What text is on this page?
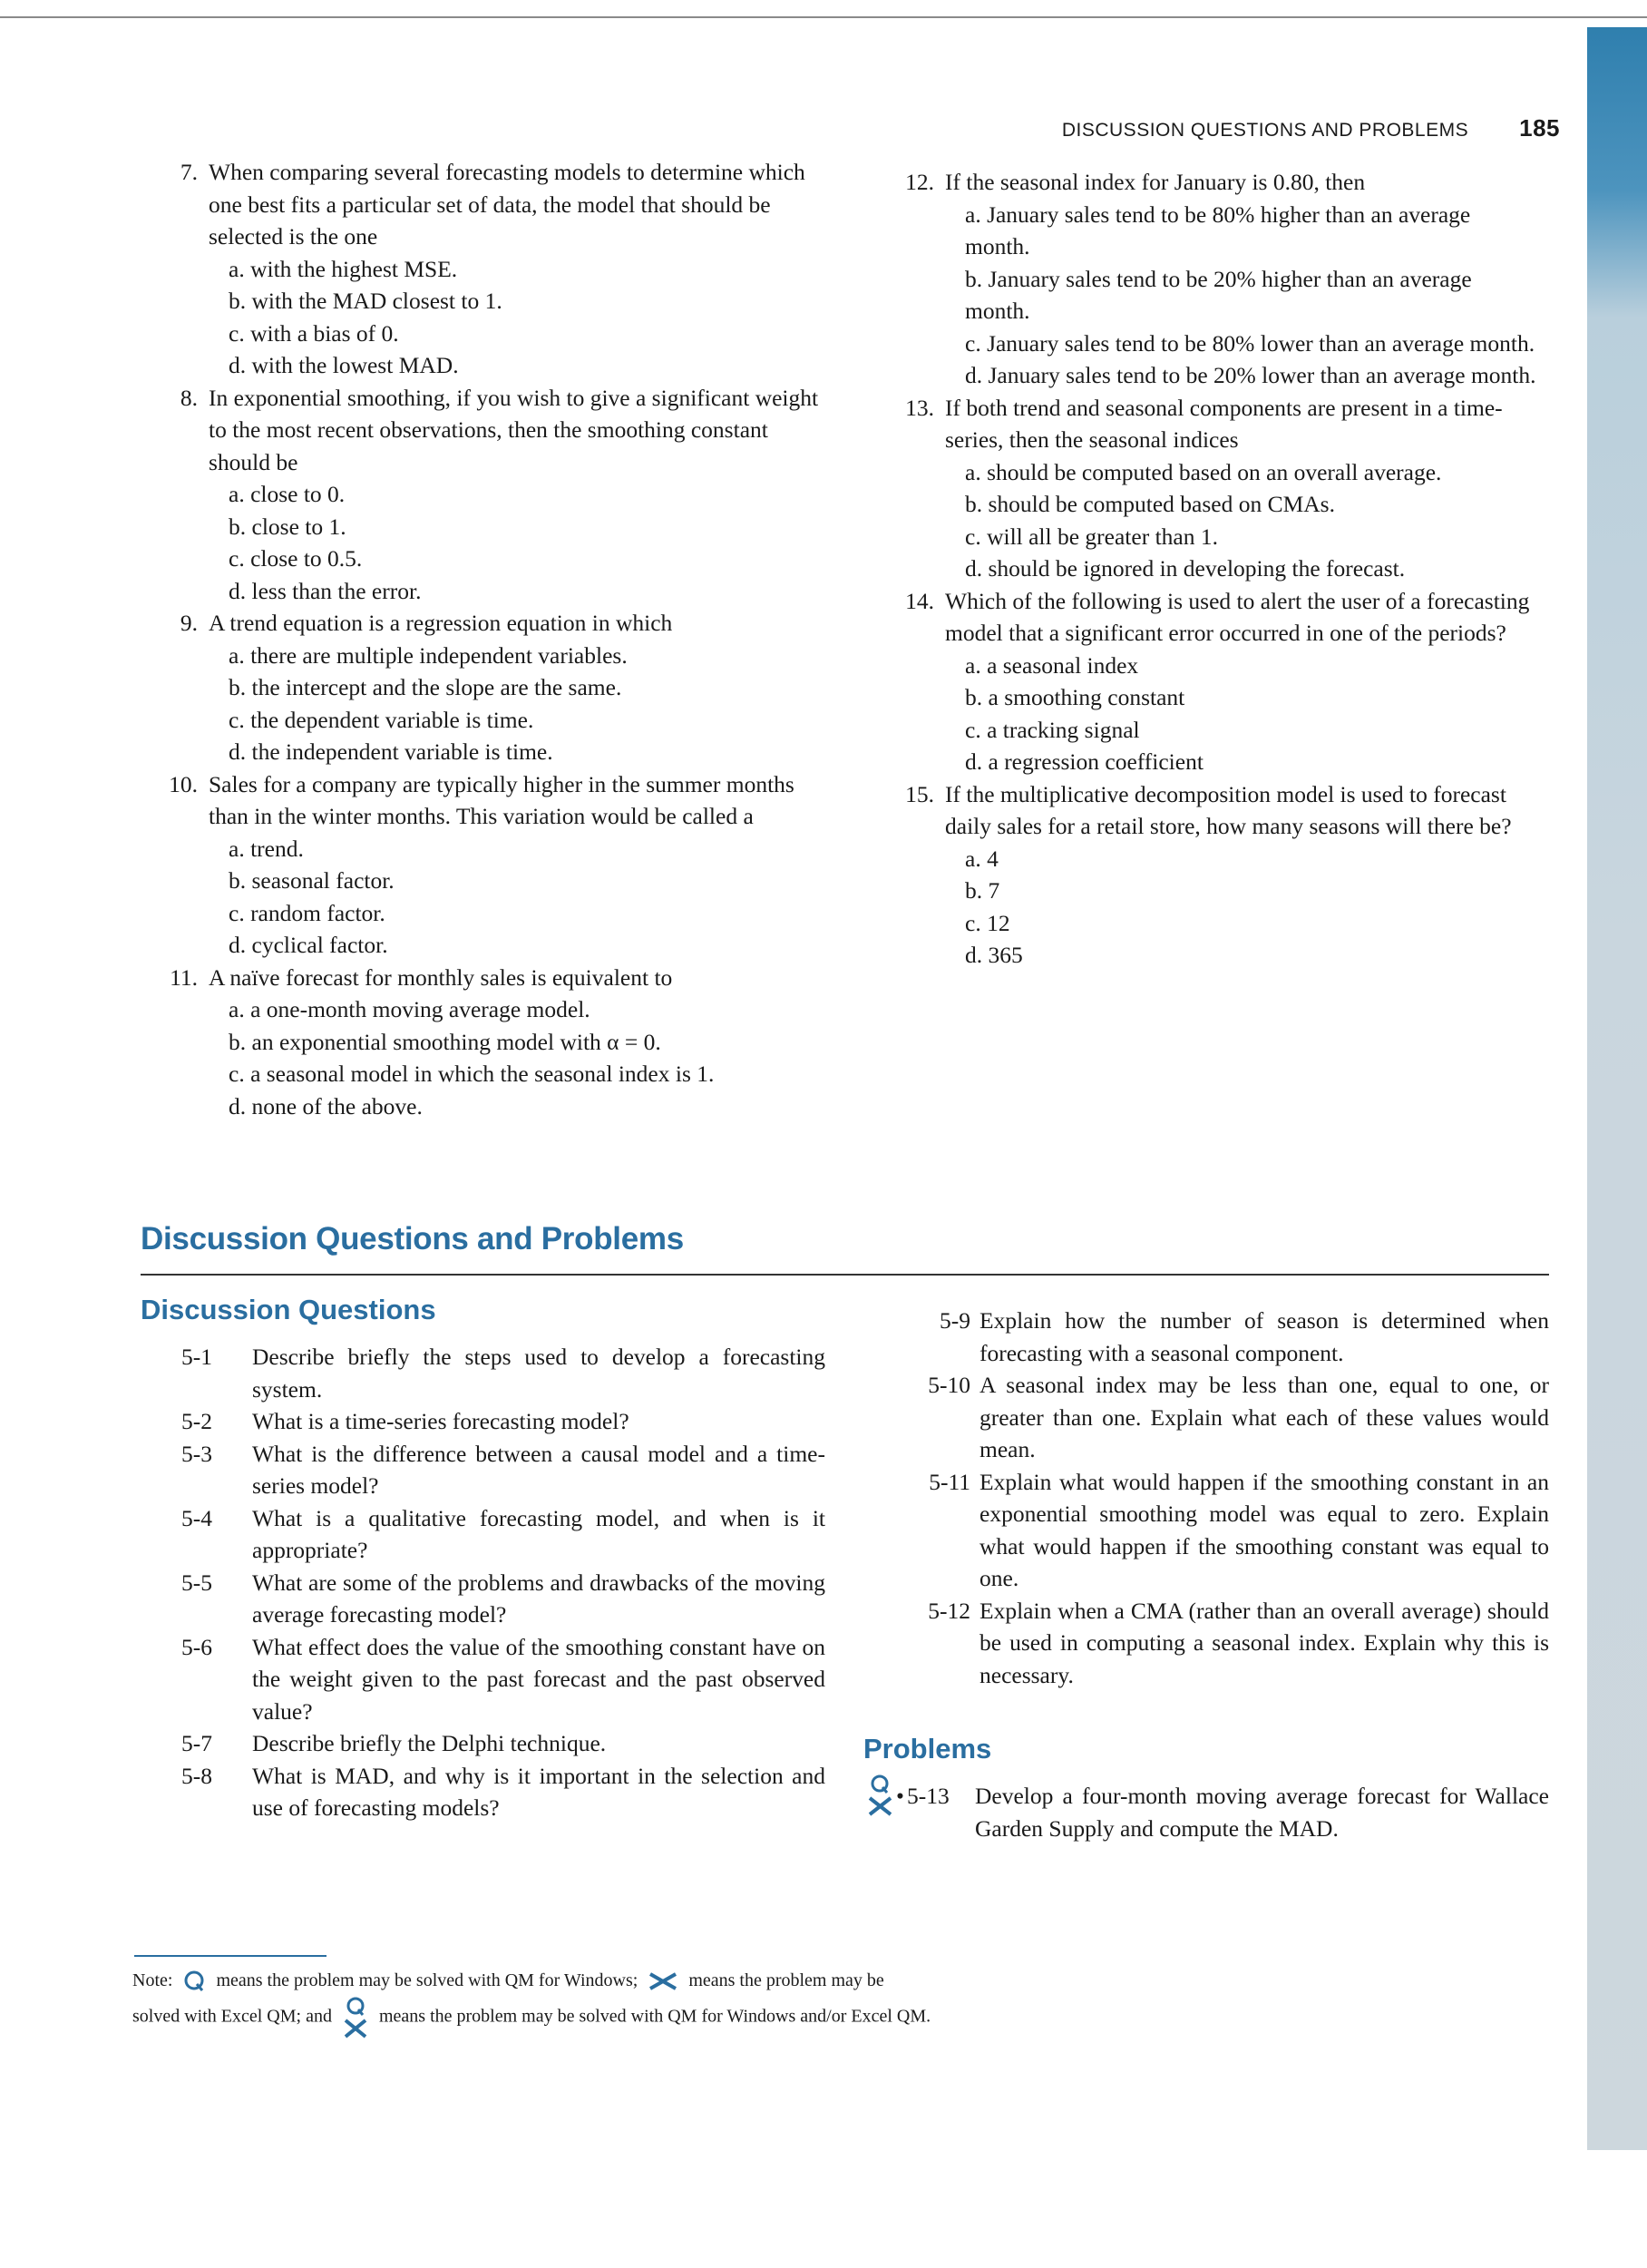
DISCUSSION QUESTIONS AND PROBLEMS 185
7. When comparing several forecasting models to determine which one best fits a particular set of data, the model that should be selected is the one
a. with the highest MSE.
b. with the MAD closest to 1.
c. with a bias of 0.
d. with the lowest MAD.
8. In exponential smoothing, if you wish to give a significant weight to the most recent observations, then the smoothing constant should be
a. close to 0.
b. close to 1.
c. close to 0.5.
d. less than the error.
9. A trend equation is a regression equation in which
a. there are multiple independent variables.
b. the intercept and the slope are the same.
c. the dependent variable is time.
d. the independent variable is time.
10. Sales for a company are typically higher in the summer months than in the winter months. This variation would be called a
a. trend.
b. seasonal factor.
c. random factor.
d. cyclical factor.
11. A naïve forecast for monthly sales is equivalent to
a. a one-month moving average model.
b. an exponential smoothing model with α = 0.
c. a seasonal model in which the seasonal index is 1.
d. none of the above.
12. If the seasonal index for January is 0.80, then
a. January sales tend to be 80% higher than an average month.
b. January sales tend to be 20% higher than an average month.
c. January sales tend to be 80% lower than an average month.
d. January sales tend to be 20% lower than an average month.
13. If both trend and seasonal components are present in a time-series, then the seasonal indices
a. should be computed based on an overall average.
b. should be computed based on CMAs.
c. will all be greater than 1.
d. should be ignored in developing the forecast.
14. Which of the following is used to alert the user of a forecasting model that a significant error occurred in one of the periods?
a. a seasonal index
b. a smoothing constant
c. a tracking signal
d. a regression coefficient
15. If the multiplicative decomposition model is used to forecast daily sales for a retail store, how many seasons will there be?
a. 4
b. 7
c. 12
d. 365
Discussion Questions and Problems
Discussion Questions
5-1	Describe briefly the steps used to develop a forecasting system.
5-2	What is a time-series forecasting model?
5-3	What is the difference between a causal model and a time-series model?
5-4	What is a qualitative forecasting model, and when is it appropriate?
5-5	What are some of the problems and drawbacks of the moving average forecasting model?
5-6	What effect does the value of the smoothing constant have on the weight given to the past forecast and the past observed value?
5-7	Describe briefly the Delphi technique.
5-8	What is MAD, and why is it important in the selection and use of forecasting models?
5-9 Explain how the number of season is determined when forecasting with a seasonal component.
5-10 A seasonal index may be less than one, equal to one, or greater than one. Explain what each of these values would mean.
5-11 Explain what would happen if the smoothing constant in an exponential smoothing model was equal to zero. Explain what would happen if the smoothing constant was equal to one.
5-12 Explain when a CMA (rather than an overall average) should be used in computing a seasonal index. Explain why this is necessary.
Problems
• 5-13	Develop a four-month moving average forecast for Wallace Garden Supply and compute the MAD.
Note: means the problem may be solved with QM for Windows;	means the problem may be
solved with Excel QM; and	means the problem may be solved with QM for Windows and/or Excel QM.
